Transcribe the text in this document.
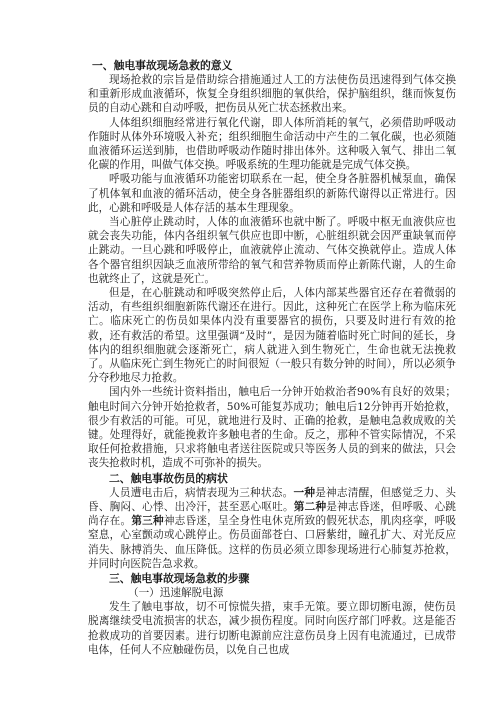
一、触电事故现场急救的意义

现场抢救的宗旨是借助综合措施通过人工的方法使伤员迅速得到气体交换和重新形成血液循环，恢复全身组织细胞的氧供给，保护脑组织，继而恢复伤员的自动心跳和自动呼吸，把伤员从死亡状态拯救出来。

人体组织细胞经常进行氧化代谢，即人体所消耗的氧气，必须借助呼吸动作随时从体外环境吸入补充；组织细胞生命活动中产生的二氧化碳，也必须随血液循环运送到肺，也借助呼吸动作随时排出体外。这种吸入氧气、排出二氧化碳的作用，叫做气体交换。呼吸系统的生理功能就是完成气体交换。

呼吸功能与血液循环功能密切联系在一起，使全身各脏器机械泵血，确保了机体氧和血液的循环活动，使全身各脏器组织的新陈代谢得以正常进行。因此，心跳和呼吸是人体存活的基本生理现象。

当心脏停止跳动时，人体的血液循环也就中断了。呼吸中枢无血液供应也就会丧失功能，体内各组织氧气供应也即中断，心脏组织就会因严重缺氧而停止跳动。一旦心跳和呼吸停止，血液就停止流动、气体交换就停止。造成人体各个器官组织因缺乏血液所带给的氧气和营养物质而停止新陈代谢，人的生命也就终止了，这就是死亡。

但是，在心脏跳动和呼吸突然停止后，人体内部某些器官还存在着微弱的活动，有些组织细胞新陈代谢还在进行。因此，这种死亡在医学上称为临床死亡。临床死亡的伤员如果体内没有重要器官的损伤，只要及时进行有效的抢救，还有救活的希望。这里强调“及时”，是因为随着临时死亡时间的延长，身体内的组织细胞就会逐渐死亡，病人就进入到生物死亡，生命也就无法挽救了。从临床死亡到生物死亡的时间很短（一般只有数分钟的时间），所以必须争分夺秒地尽力抢救。

国内外一些统计资料指出，触电后一分钟开始救治者90%有良好的效果；触电时间六分钟开始抢救者，50%可能复苏成功；触电后12分钟再开始抢救，很少有救活的可能。可见，就地进行及时、正确的抢救，是触电急救成败的关键。处理得好，就能挽救许多触电者的生命。反之，那种不管实际情况，不采取任何抢救措施，只求将触电者送往医院或只等医务人员的到来的做法，只会丧失抢救时机，造成不可弥补的损失。

二、触电事故伤员的病状

人员遭电击后，病情表现为三种状态。一种是神志清醒，但感觉乏力、头昏、胸闷、心悸、出冷汗，甚至恶心呕吐。第二种是神志昏迷，但呼吸、心跳尚存在。第三种神志昏迷，呈全身性电休克所致的假死状态，肌肉痉挛，呼吸窒息，心室颤动或心跳停止。伤员面部苍白、口唇紫绀，瞳孔扩大、对光反应消失、脉搏消失、血压降低。这样的伤员必须立即参现场进行心肺复苏抢救，并同时向医院告急求救。

三、触电事故现场急救的步骤

（一）迅速解脱电源

发生了触电事故，切不可惊慌失措，束手无策。要立即切断电源，使伤员脱离继续受电流损害的状态，减少损伤程度。同时向医疗部门呼救。这是能否抢救成功的首要因素。进行切断电源前应注意伤员身上因有电流通过，已成带电体，任何人不应触碰伤员，以免自己也成
